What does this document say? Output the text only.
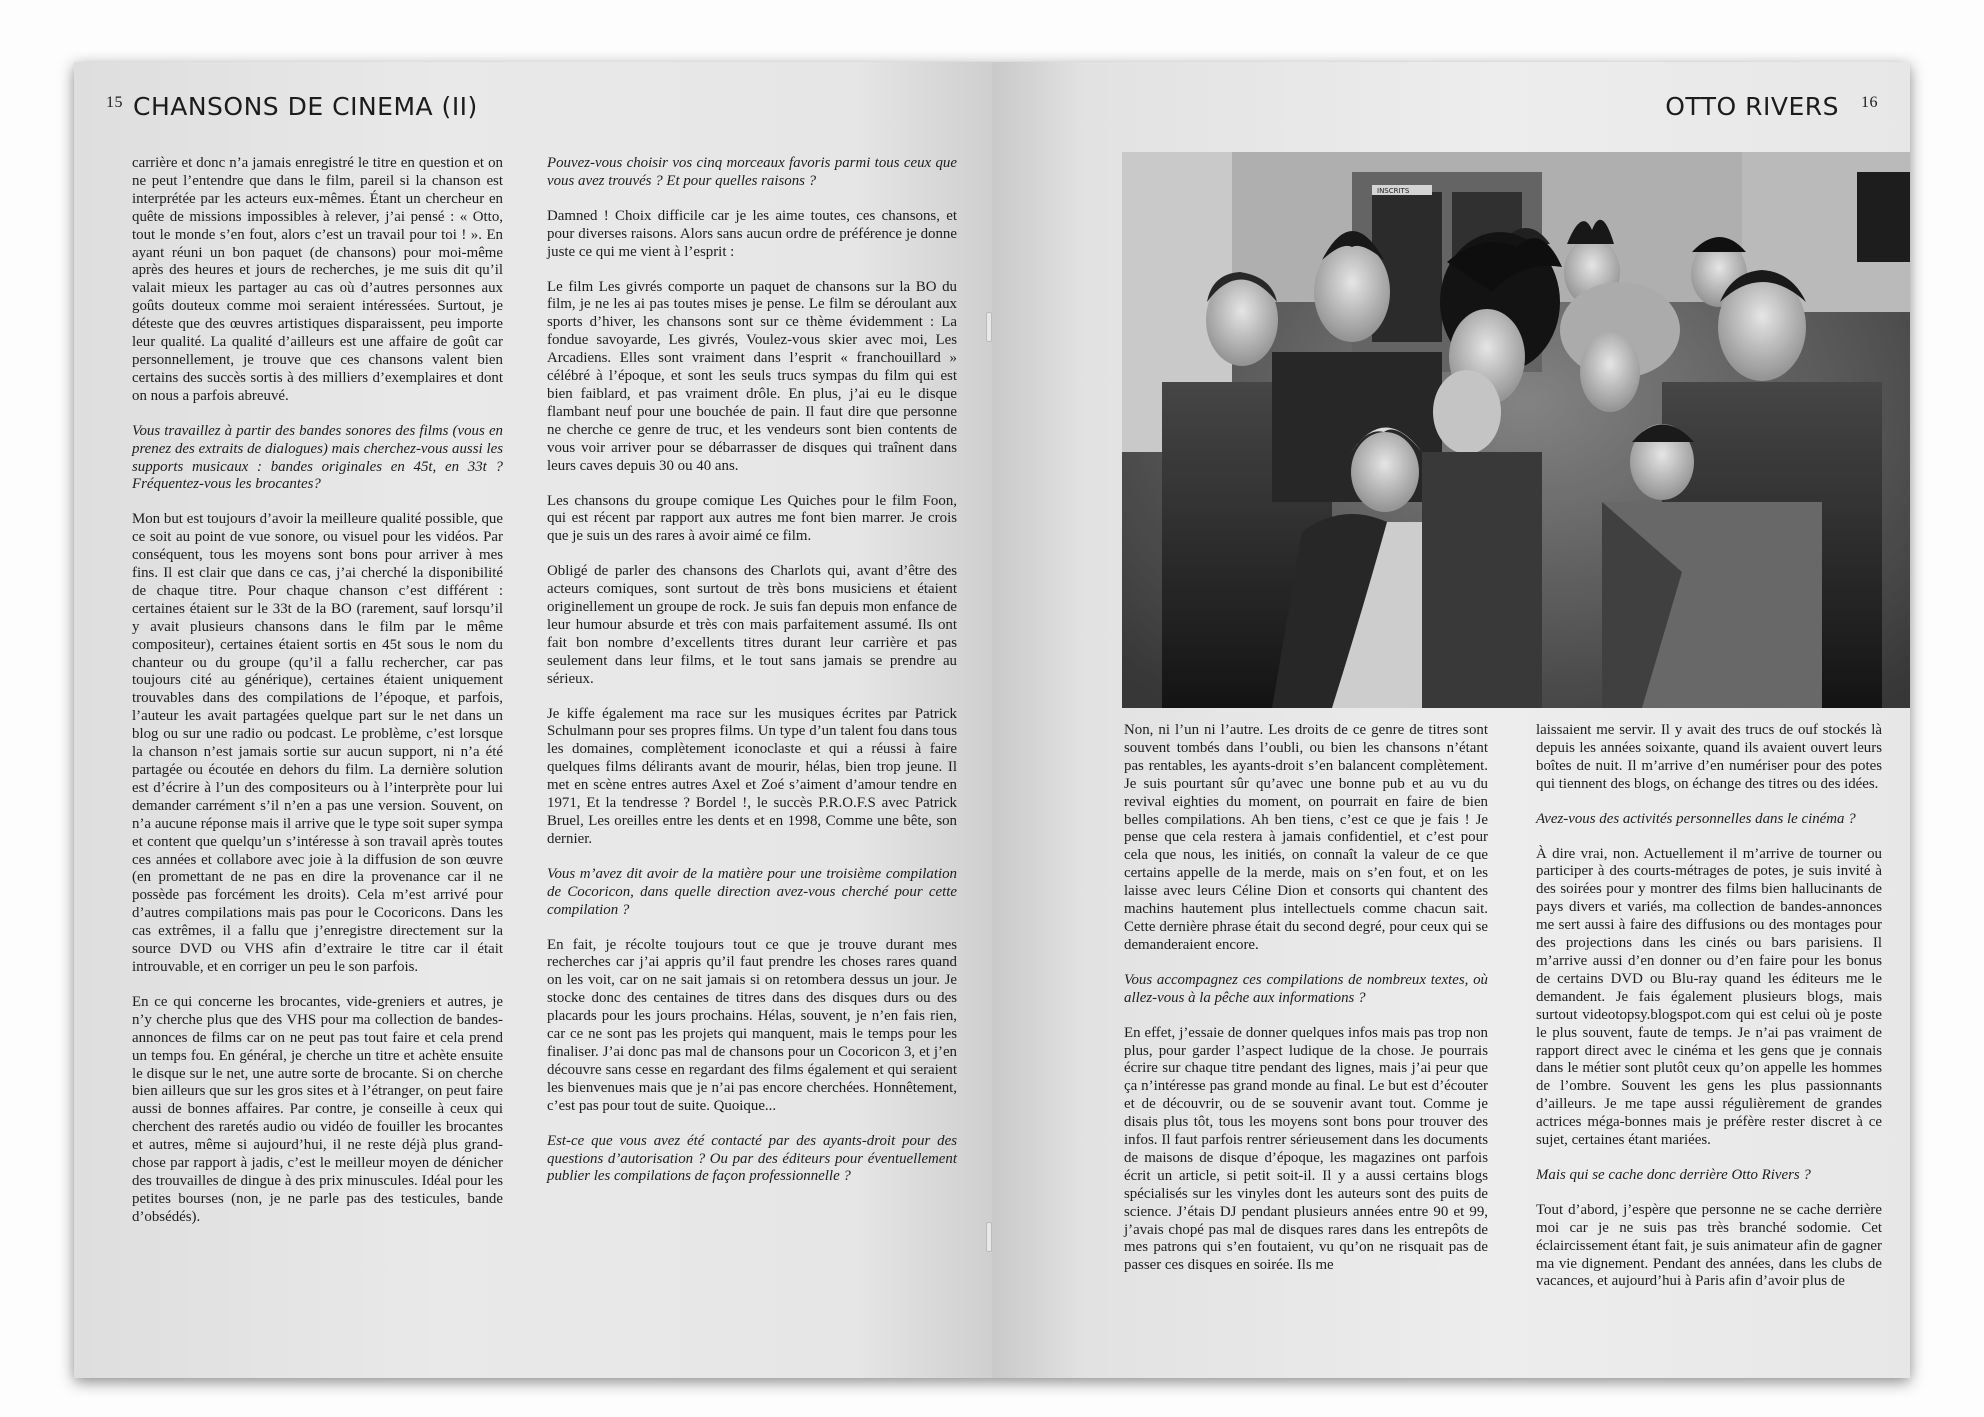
$^{15}$ CHANSONS DE CINEMA (II)

carrière et donc n’a jamais enregistré le titre en question et on ne peut l’entendre que dans le film, pareil si la chanson est interprétée par les acteurs eux-mêmes. Étant un chercheur en quête de missions impossibles à relever, j’ai pensé : « Otto, tout le monde s’en fout, alors c’est un travail pour toi ! ». En ayant réuni un bon paquet (de chansons) pour moi-même après des heures et jours de recherches, je me suis dit qu’il valait mieux les partager au cas où d’autres personnes aux goûts douteux comme moi seraient intéressées. Surtout, je déteste que des œuvres artistiques disparaissent, peu importe leur qualité. La qualité d’ailleurs est une affaire de goût car personnellement, je trouve que ces chansons valent bien certains des succès sortis à des milliers d’exemplaires et dont on nous a parfois abreuvé.

Vous travaillez à partir des bandes sonores des films (vous en prenez des extraits de dialogues) mais cherchez-vous aussi les supports musicaux : bandes originales en 45t, en 33t ? Fréquentez-vous les brocantes?

Mon but est toujours d’avoir la meilleure qualité possible, que ce soit au point de vue sonore, ou visuel pour les vidéos. Par conséquent, tous les moyens sont bons pour arriver à mes fins. Il est clair que dans ce cas, j’ai cherché la disponibilité de chaque titre. Pour chaque chanson c’est différent : certaines étaient sur le 33t de la BO (rarement, sauf lorsqu’il y avait plusieurs chansons dans le film par le même compositeur), certaines étaient sortis en 45t sous le nom du chanteur ou du groupe (qu’il a fallu rechercher, car pas toujours cité au générique), certaines étaient uniquement trouvables dans des compilations de l’époque, et parfois, l’auteur les avait partagées quelque part sur le net dans un blog ou sur une radio ou podcast. Le problème, c’est lorsque la chanson n’est jamais sortie sur aucun support, ni n’a été partagée ou écoutée en dehors du film. La dernière solution est d’écrire à l’un des compositeurs ou à l’interprète pour lui demander carrément s’il n’en a pas une version. Souvent, on n’a aucune réponse mais il arrive que le type soit super sympa et content que quelqu’un s’intéresse à son travail après toutes ces années et collabore avec joie à la diffusion de son œuvre (en promettant de ne pas en dire la provenance car il ne possède pas forcément les droits). Cela m’est arrivé pour d’autres compilations mais pas pour le Cocoricons. Dans les cas extrêmes, il a fallu que j’enregistre directement sur la source DVD ou VHS afin d’extraire le titre car il était introuvable, et en corriger un peu le son parfois.

En ce qui concerne les brocantes, vide-greniers et autres, je n’y cherche plus que des VHS pour ma collection de bandes-annonces de films car on ne peut pas tout faire et cela prend un temps fou. En général, je cherche un titre et achète ensuite le disque sur le net, une autre sorte de brocante. Si on cherche bien ailleurs que sur les gros sites et à l’étranger, on peut faire aussi de bonnes affaires. Par contre, je conseille à ceux qui cherchent des raretés audio ou vidéo de fouiller les brocantes et autres, même si aujourd’hui, il ne reste déjà plus grand-chose par rapport à jadis, c’est le meilleur moyen de dénicher des trouvailles de dingue à des prix minuscules. Idéal pour les petites bourses (non, je ne parle pas des testicules, bande d’obsédés).

Pouvez-vous choisir vos cinq morceaux favoris parmi tous ceux que vous avez trouvés ? Et pour quelles raisons ?

Damned ! Choix difficile car je les aime toutes, ces chansons, et pour diverses raisons. Alors sans aucun ordre de préférence je donne juste ce qui me vient à l’esprit :

Le film Les givrés comporte un paquet de chansons sur la BO du film, je ne les ai pas toutes mises je pense. Le film se déroulant aux sports d’hiver, les chansons sont sur ce thème évidemment : La fondue savoyarde, Les givrés, Voulez-vous skier avec moi, Les Arcadiens. Elles sont vraiment dans l’esprit « franchouillard » célébré à l’époque, et sont les seuls trucs sympas du film qui est bien faiblard, et pas vraiment drôle. En plus, j’ai eu le disque flambant neuf pour une bouchée de pain. Il faut dire que personne ne cherche ce genre de truc, et les vendeurs sont bien contents de vous voir arriver pour se débarrasser de disques qui traînent dans leurs caves depuis 30 ou 40 ans.

Les chansons du groupe comique Les Quiches pour le film Foon, qui est récent par rapport aux autres me font bien marrer. Je crois que je suis un des rares à avoir aimé ce film.

Obligé de parler des chansons des Charlots qui, avant d’être des acteurs comiques, sont surtout de très bons musiciens et étaient originellement un groupe de rock. Je suis fan depuis mon enfance de leur humour absurde et très con mais parfaitement assumé. Ils ont fait bon nombre d’excellents titres durant leur carrière et pas seulement dans leur films, et le tout sans jamais se prendre au sérieux.

Je kiffe également ma race sur les musiques écrites par Patrick Schulmann pour ses propres films. Un type d’un talent fou dans tous les domaines, complètement iconoclaste et qui a réussi à faire quelques films délirants avant de mourir, hélas, bien trop jeune. Il met en scène entres autres Axel et Zoé s’aiment d’amour tendre en 1971, Et la tendresse ? Bordel !, le succès P.R.O.F.S avec Patrick Bruel, Les oreilles entre les dents et en 1998, Comme une bête, son dernier.

Vous m’avez dit avoir de la matière pour une troisième compilation de Cocoricon, dans quelle direction avez-vous cherché pour cette compilation ?

En fait, je récolte toujours tout ce que je trouve durant mes recherches car j’ai appris qu’il faut prendre les choses rares quand on les voit, car on ne sait jamais si on retombera dessus un jour. Je stocke donc des centaines de titres dans des disques durs ou des placards pour les jours prochains. Hélas, souvent, je n’en fais rien, car ce ne sont pas les projets qui manquent, mais le temps pour les finaliser. J’ai donc pas mal de chansons pour un Cocoricon 3, et j’en découvre sans cesse en regardant des films également et qui seraient les bienvenues mais que je n’ai pas encore cherchées. Honnêtement, c’est pas pour tout de suite. Quoique...

Est-ce que vous avez été contacté par des ayants-droit pour des questions d’autorisation ? Ou par des éditeurs pour éventuellement publier les compilations de façon professionnelle ?

OTTO RIVERS $^{16}$
INSCRITS

Non, ni l’un ni l’autre. Les droits de ce genre de titres sont souvent tombés dans l’oubli, ou bien les chansons n’étant pas rentables, les ayants-droit s’en balancent complètement. Je suis pourtant sûr qu’avec une bonne pub et au vu du revival eighties du moment, on pourrait en faire de bien belles compilations. Ah ben tiens, c’est ce que je fais ! Je pense que cela restera à jamais confidentiel, et c’est pour cela que nous, les initiés, on connaît la valeur de ce que certains appelle de la merde, mais on s’en fout, et on les laisse avec leurs Céline Dion et consorts qui chantent des machins hautement plus intellectuels comme chacun sait. Cette dernière phrase était du second degré, pour ceux qui se demanderaient encore.

Vous accompagnez ces compilations de nombreux textes, où allez-vous à la pêche aux informations ?

En effet, j’essaie de donner quelques infos mais pas trop non plus, pour garder l’aspect ludique de la chose. Je pourrais écrire sur chaque titre pendant des lignes, mais j’ai peur que ça n’intéresse pas grand monde au final. Le but est d’écouter et de découvrir, ou de se souvenir avant tout. Comme je disais plus tôt, tous les moyens sont bons pour trouver des infos. Il faut parfois rentrer sérieusement dans les documents de maisons de disque d’époque, les magazines ont parfois écrit un article, si petit soit-il. Il y a aussi certains blogs spécialisés sur les vinyles dont les auteurs sont des puits de science. J’étais DJ pendant plusieurs années entre 90 et 99, j’avais chopé pas mal de disques rares dans les entrepôts de mes patrons qui s’en foutaient, vu qu’on ne risquait pas de passer ces disques en soirée. Ils me

laissaient me servir. Il y avait des trucs de ouf stockés là depuis les années soixante, quand ils avaient ouvert leurs boîtes de nuit. Il m’arrive d’en numériser pour des potes qui tiennent des blogs, on échange des titres ou des idées.

Avez-vous des activités personnelles dans le cinéma ?

À dire vrai, non. Actuellement il m’arrive de tourner ou participer à des courts-métrages de potes, je suis invité à des soirées pour y montrer des films bien hallucinants de pays divers et variés, ma collection de bandes-annonces me sert aussi à faire des diffusions ou des montages pour des projections dans les cinés ou bars parisiens. Il m’arrive aussi d’en donner ou d’en faire pour les bonus de certains DVD ou Blu-ray quand les éditeurs me le demandent. Je fais également plusieurs blogs, mais surtout videotopsy.blogspot.com qui est celui où je poste le plus souvent, faute de temps. Je n’ai pas vraiment de rapport direct avec le cinéma et les gens que je connais dans le métier sont plutôt ceux qu’on appelle les hommes de l’ombre. Souvent les gens les plus passionnants d’ailleurs. Je me tape aussi régulièrement de grandes actrices méga-bonnes mais je préfère rester discret à ce sujet, certaines étant mariées.

Mais qui se cache donc derrière Otto Rivers ?

Tout d’abord, j’espère que personne ne se cache derrière moi car je ne suis pas très branché sodomie. Cet éclaircissement étant fait, je suis animateur afin de gagner ma vie dignement. Pendant des années, dans les clubs de vacances, et aujourd’hui à Paris afin d’avoir plus de
